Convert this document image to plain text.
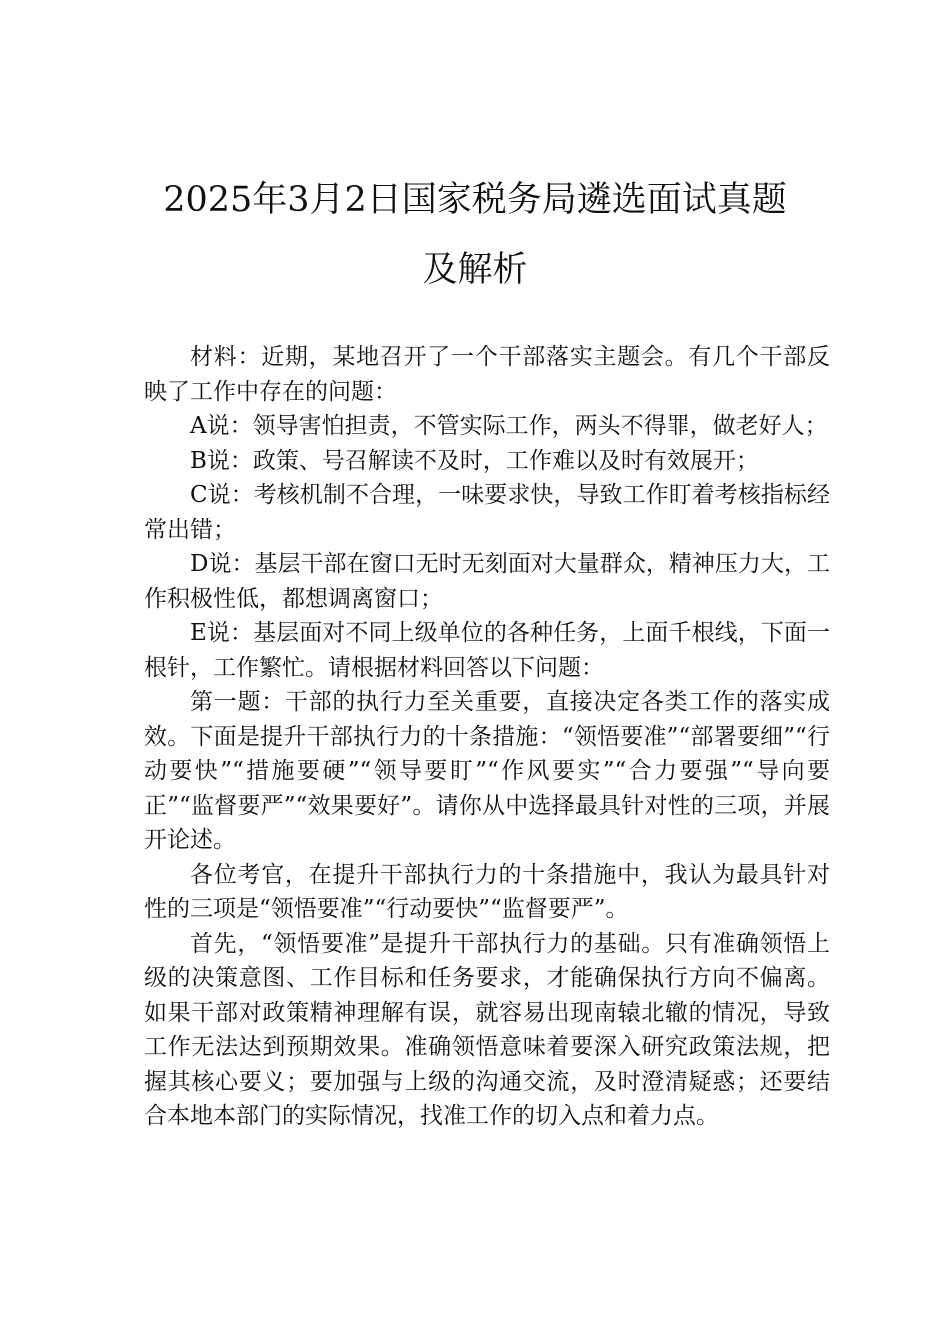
2025年3月2日国家税务局遴选面试真题
及解析

材料：近期，某地召开了一个干部落实主题会。有几个干部反映了工作中存在的问题：

A说：领导害怕担责，不管实际工作，两头不得罪，做老好人；

B说：政策、号召解读不及时，工作难以及时有效展开；

C说：考核机制不合理，一味要求快，导致工作盯着考核指标经常出错；

D说：基层干部在窗口无时无刻面对大量群众，精神压力大，工作积极性低，都想调离窗口；

E说：基层面对不同上级单位的各种任务，上面千根线，下面一根针，工作繁忙。请根据材料回答以下问题：

第一题：干部的执行力至关重要，直接决定各类工作的落实成效。下面是提升干部执行力的十条措施：“领悟要准”“部署要细”“行动要快”“措施要硬”“领导要盯”“作风要实”“合力要强”“导向要正”“监督要严”“效果要好”。请你从中选择最具针对性的三项，并展开论述。

各位考官，在提升干部执行力的十条措施中，我认为最具针对性的三项是“领悟要准”“行动要快”“监督要严”。

首先，“领悟要准”是提升干部执行力的基础。只有准确领悟上级的决策意图、工作目标和任务要求，才能确保执行方向不偏离。如果干部对政策精神理解有误，就容易出现南辕北辙的情况，导致工作无法达到预期效果。准确领悟意味着要深入研究政策法规，把握其核心要义；要加强与上级的沟通交流，及时澄清疑惑；还要结合本地本部门的实际情况，找准工作的切入点和着力点。
